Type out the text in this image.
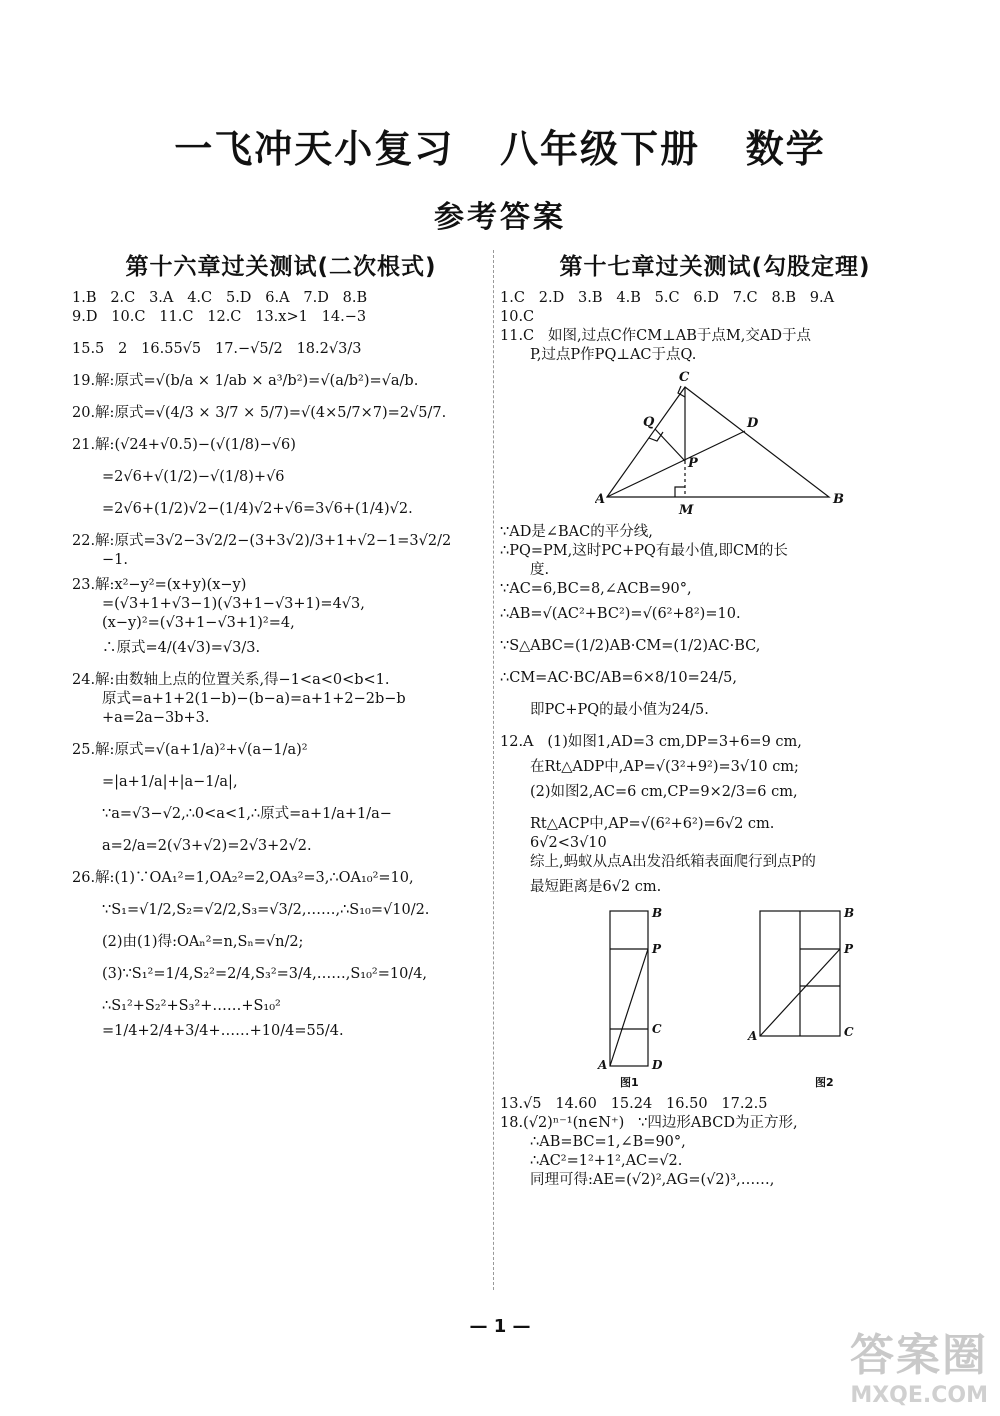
一飞冲天小复习   八年级下册   数学
参考答案
第十六章过关测试(二次根式)

1.B   2.C   3.A   4.C   5.D   6.A   7.D   8.B

9.D   10.C   11.C   12.C   13.x>1   14.−3

15.5   2   16.55√5   17.−√5/2   18.2√3/3

19.解:原式=√(b/a × 1/ab × a³/b²)=√(a/b²)=√a/b.

20.解:原式=√(4/3 × 3/7 × 5/7)=√(4×5/7×7)=2√5/7.

21.解:(√24+√0.5)−(√(1/8)−√6)

=2√6+√(1/2)−√(1/8)+√6

=2√6+(1/2)√2−(1/4)√2+√6=3√6+(1/4)√2.

22.解:原式=3√2−3√2/2−(3+3√2)/3+1+√2−1=3√2/2

−1.

23.解:x²−y²=(x+y)(x−y)

=(√3+1+√3−1)(√3+1−√3+1)=4√3,

(x−y)²=(√3+1−√3+1)²=4,

∴原式=4/(4√3)=√3/3.

24.解:由数轴上点的位置关系,得−1<a<0<b<1.

原式=a+1+2(1−b)−(b−a)=a+1+2−2b−b

+a=2a−3b+3.

25.解:原式=√(a+1/a)²+√(a−1/a)²

=|a+1/a|+|a−1/a|,

∵a=√3−√2,∴0<a<1,∴原式=a+1/a+1/a−

a=2/a=2(√3+√2)=2√3+2√2.

26.解:(1)∵OA₁²=1,OA₂²=2,OA₃²=3,∴OA₁₀²=10,

∵S₁=√1/2,S₂=√2/2,S₃=√3/2,……,∴S₁₀=√10/2.

(2)由(1)得:OAₙ²=n,Sₙ=√n/2;

(3)∵S₁²=1/4,S₂²=2/4,S₃²=3/4,……,S₁₀²=10/4,

∴S₁²+S₂²+S₃²+……+S₁₀²

=1/4+2/4+3/4+……+10/4=55/4.

第十七章过关测试(勾股定理)

1.C   2.D   3.B   4.B   5.C   6.D   7.C   8.B   9.A

10.C

11.C   如图,过点C作CM⊥AB于点M,交AD于点

P,过点P作PQ⊥AC于点Q.

C
Q	D
P
A
M
B

∵AD是∠BAC的平分线,

∴PQ=PM,这时PC+PQ有最小值,即CM的长

度.

∵AC=6,BC=8,∠ACB=90°,

∴AB=√(AC²+BC²)=√(6²+8²)=10.

∵S△ABC=(1/2)AB·CM=(1/2)AC·BC,

∴CM=AC·BC/AB=6×8/10=24/5,

即PC+PQ的最小值为24/5.

12.A   (1)如图1,AD=3 cm,DP=3+6=9 cm,

在Rt△ADP中,AP=√(3²+9²)=3√10 cm;

(2)如图2,AC=6 cm,CP=9×2/3=6 cm,

Rt△ACP中,AP=√(6²+6²)=6√2 cm.

6√2<3√10

综上,蚂蚁从点A出发沿纸箱表面爬行到点P的

最短距离是6√2 cm.

B
P
C
A	D
B
P
A	C
图1	图2

13.√5   14.60   15.24   16.50   17.2.5

18.(√2)ⁿ⁻¹(n∈N⁺)   ∵四边形ABCD为正方形,

∴AB=BC=1,∠B=90°,

∴AC²=1²+1²,AC=√2.

同理可得:AE=(√2)²,AG=(√2)³,……,

— 1 —
答案圈
MXQE.COM
